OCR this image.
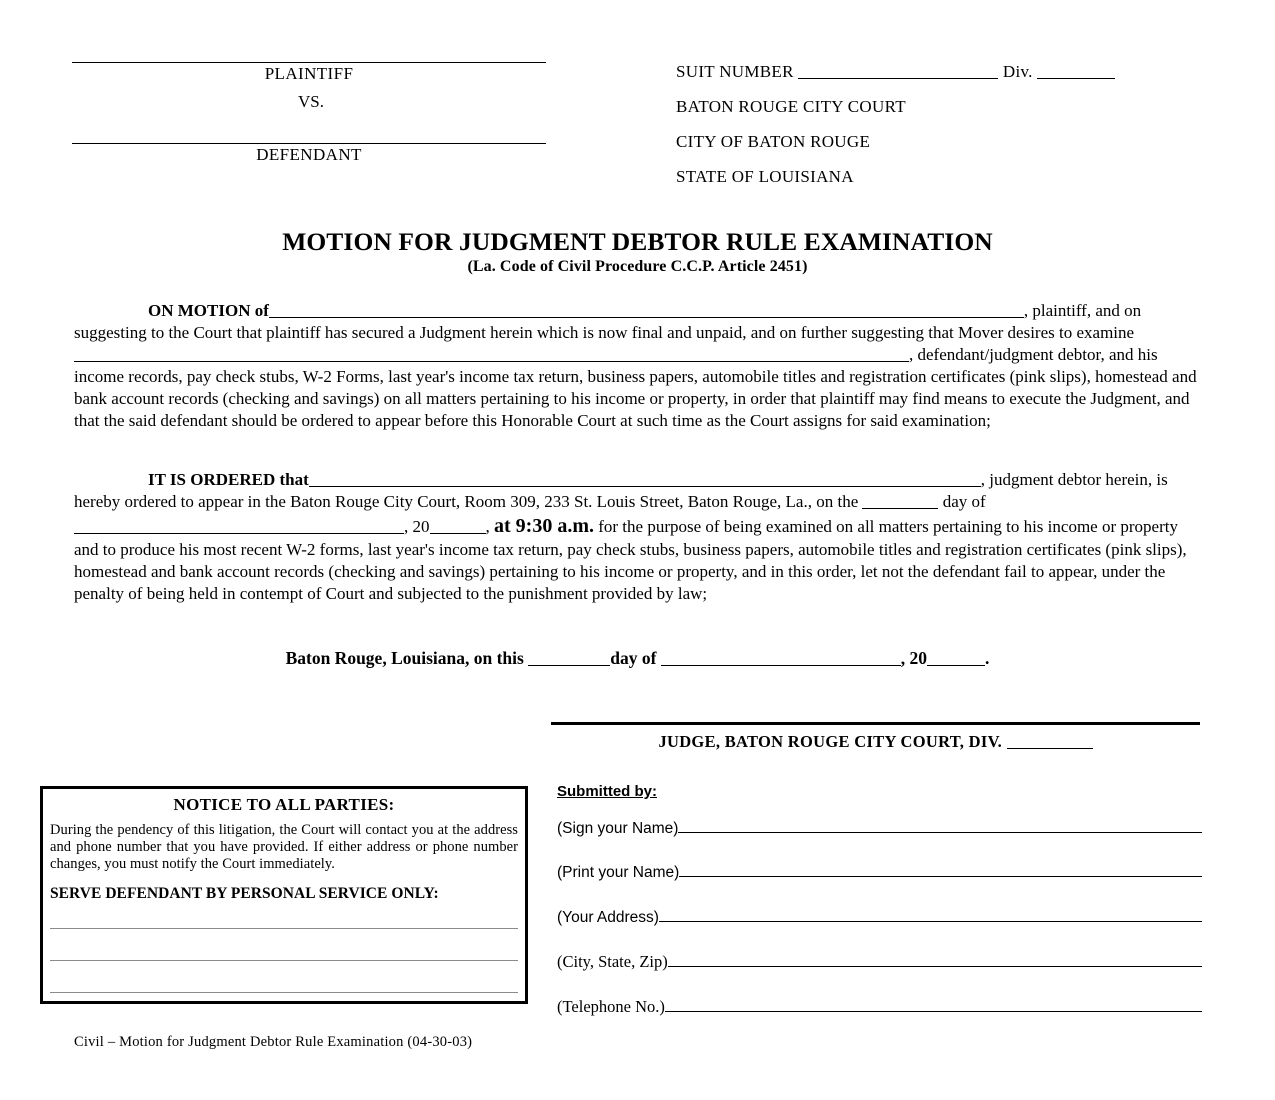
PLAINTIFF
VS.
DEFENDANT
SUIT NUMBER	Div.
BATON ROUGE CITY COURT
CITY OF BATON ROUGE
STATE OF LOUISIANA
MOTION FOR JUDGMENT DEBTOR RULE EXAMINATION
(La. Code of Civil Procedure C.C.P. Article 2451)
ON MOTION of	, plaintiff, and on suggesting to the Court that plaintiff has secured a Judgment herein which is now final and unpaid, and on further suggesting that Mover desires to examine, defendant/judgment debtor, and his income records, pay check stubs, W-2 Forms, last year's income tax return, business papers, automobile titles and registration certificates (pink slips), homestead and bank account records (checking and savings) on all matters pertaining to his income or property, in order that plaintiff may find means to execute the Judgment, and that the said defendant should be ordered to appear before this Honorable Court at such time as the Court assigns for said examination;
IT IS ORDERED that	, judgment debtor herein, is hereby ordered to appear in the Baton Rouge City Court, Room 309, 233 St. Louis Street, Baton Rouge, La., on the	day of , 20	, at 9:30 a.m. for the purpose of being examined on all matters pertaining to his income or property and to produce his most recent W-2 forms, last year's income tax return, pay check stubs, business papers, automobile titles and registration certificates (pink slips), homestead and bank account records (checking and savings) pertaining to his income or property, and in this order, let not the defendant fail to appear, under the penalty of being held in contempt of Court and subjected to the punishment provided by law;
Baton Rouge, Louisiana, on this	day of	, 20	.
JUDGE, BATON ROUGE CITY COURT, DIV.
NOTICE TO ALL PARTIES:
During the pendency of this litigation, the Court will contact you at the address and phone number that you have provided. If either address or phone number changes, you must notify the Court immediately.
SERVE DEFENDANT BY PERSONAL SERVICE ONLY:
Submitted by:
(Sign your Name)
(Print your Name)
(Your Address)
(City, State, Zip)
(Telephone No.)
Civil – Motion for Judgment Debtor Rule Examination (04-30-03)
